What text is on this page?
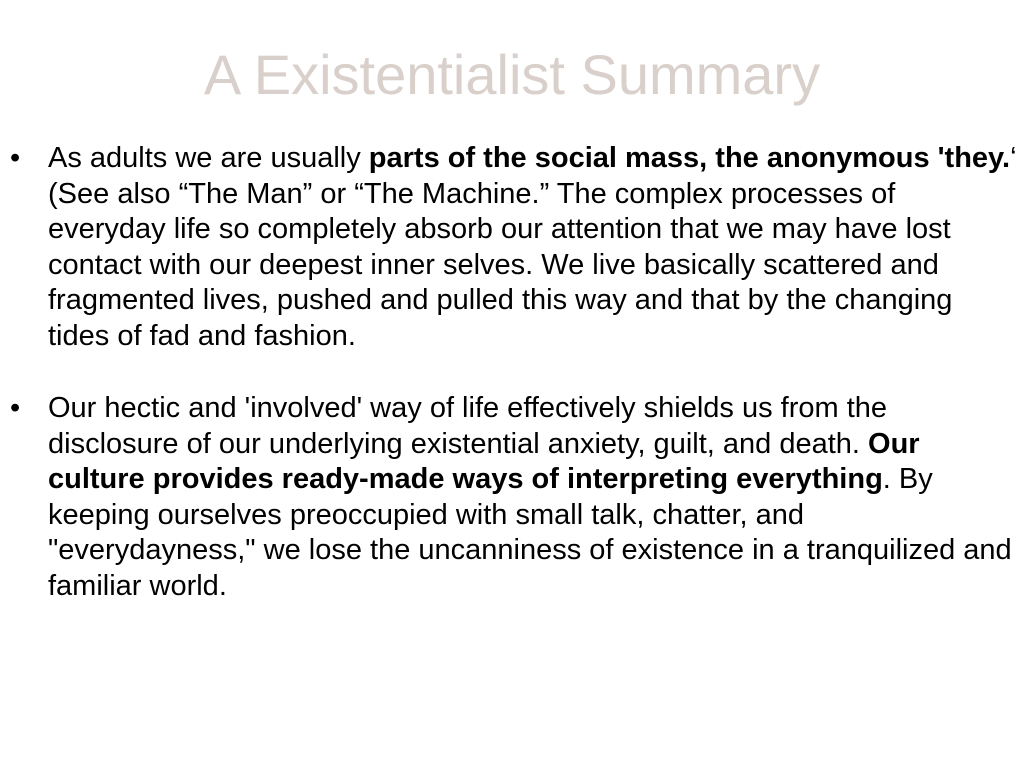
A Existentialist Summary
• As adults we are usually parts of the social mass, the anonymous 'they.‘ (See also “The Man” or “The Machine.” The complex processes of everyday life so completely absorb our attention that we may have lost contact with our deepest inner selves. We live basically scattered and fragmented lives, pushed and pulled this way and that by the changing tides of fad and fashion.
• Our hectic and 'involved' way of life effectively shields us from the disclosure of our underlying existential anxiety, guilt, and death. Our culture provides ready-made ways of interpreting everything. By keeping ourselves preoccupied with small talk, chatter, and "everydayness," we lose the uncanniness of existence in a tranquilized and familiar world.
